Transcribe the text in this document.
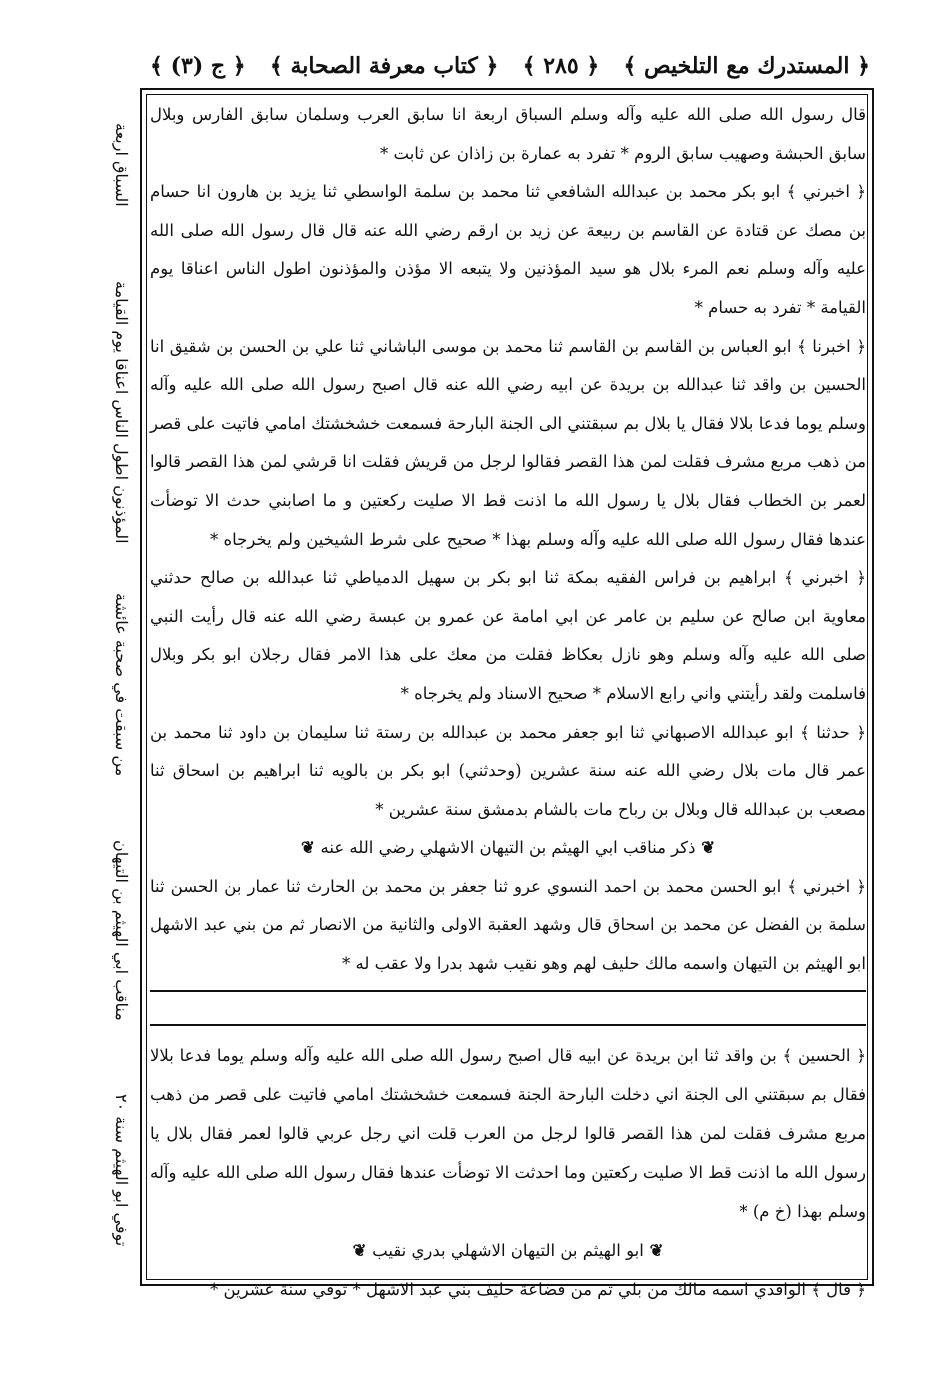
﴿ المستدرك مع التلخيص ﴾
﴿ ٢٨٥ ﴾
﴿ كتاب معرفة الصحابة ﴾
﴿ ج (٣) ﴾

قال رسول الله صلى الله عليه وآله وسلم السباق اربعة انا سابق العرب وسلمان سابق الفارس وبلال سابق الحبشة وصهيب سابق الروم * تفرد به عمارة بن زاذان عن ثابت *

﴿ اخبرني ﴾ ابو بكر محمد بن عبدالله الشافعي ثنا محمد بن سلمة الواسطي ثنا يزيد بن هارون انا حسام بن مصك عن قتادة عن القاسم بن ربيعة عن زيد بن ارقم رضي الله عنه قال قال رسول الله صلى الله عليه وآله وسلم نعم المرء بلال هو سيد المؤذنين ولا يتبعه الا مؤذن والمؤذنون اطول الناس اعناقا يوم القيامة * تفرد به حسام *

﴿ اخبرنا ﴾ ابو العباس بن القاسم بن القاسم ثنا محمد بن موسى الباشاني ثنا علي بن الحسن بن شقيق انا الحسين بن واقد ثنا عبدالله بن بريدة عن ابيه رضي الله عنه قال اصبح رسول الله صلى الله عليه وآله وسلم يوما فدعا بلالا فقال يا بلال بم سبقتني الى الجنة البارحة فسمعت خشخشتك امامي فاتيت على قصر من ذهب مربع مشرف فقلت لمن هذا القصر فقالوا لرجل من قريش فقلت انا قرشي لمن هذا القصر قالوا لعمر بن الخطاب فقال بلال يا رسول الله ما اذنت قط الا صليت ركعتين و ما اصابني حدث الا توضأت عندها فقال رسول الله صلى الله عليه وآله وسلم بهذا * صحيح على شرط الشيخين ولم يخرجاه *

﴿ اخبرني ﴾ ابراهيم بن فراس الفقيه بمكة ثنا ابو بكر بن سهيل الدمياطي ثنا عبدالله بن صالح حدثني معاوية ابن صالح عن سليم بن عامر عن ابي امامة عن عمرو بن عبسة رضي الله عنه قال رأيت النبي صلى الله عليه وآله وسلم وهو نازل بعكاظ فقلت من معك على هذا الامر فقال رجلان ابو بكر وبلال فاسلمت ولقد رأيتني واني رابع الاسلام * صحيح الاسناد ولم يخرجاه *

﴿ حدثنا ﴾ ابو عبدالله الاصبهاني ثنا ابو جعفر محمد بن عبدالله بن رستة ثنا سليمان بن داود ثنا محمد بن عمر قال مات بلال رضي الله عنه سنة عشرين (وحدثني) ابو بكر بن بالويه ثنا ابراهيم بن اسحاق ثنا مصعب بن عبدالله قال وبلال بن رباح مات بالشام بدمشق سنة عشرين *

❦ ذكر مناقب ابي الهيثم بن التيهان الاشهلي رضي الله عنه ❦

﴿ اخبرني ﴾ ابو الحسن محمد بن احمد النسوي عرو ثنا جعفر بن محمد بن الحارث ثنا عمار بن الحسن ثنا سلمة بن الفضل عن محمد بن اسحاق قال وشهد العقبة الاولى والثانية من الانصار ثم من بني عبد الاشهل ابو الهيثم بن التيهان واسمه مالك حليف لهم وهو نقيب شهد بدرا ولا عقب له *

﴿ الحسين ﴾ بن واقد ثنا ابن بريدة عن ابيه قال اصبح رسول الله صلى الله عليه وآله وسلم يوما فدعا بلالا فقال بم سبقتني الى الجنة اني دخلت البارحة الجنة فسمعت خشخشتك امامي فاتيت على قصر من ذهب مربع مشرف فقلت لمن هذا القصر قالوا لرجل من العرب قلت اني رجل عربي قالوا لعمر فقال بلال يا رسول الله ما اذنت قط الا صليت ركعتين وما احدثت الا توضأت عندها فقال رسول الله صلى الله عليه وآله وسلم بهذا (خ م) *

❦ ابو الهيثم بن التيهان الاشهلي بدري نقيب ❦

﴿ قال ﴾ الواقدي اسمه مالك من بلي ثم من قضاعة حليف بني عبد الاشهل * توفي سنة عشرين *

السباق اربعة
المؤذنون اطول الناس اعناقا يوم القيامة
من سبقت في صحبة عائشة
مناقب ابي الهيثم بن التيهان
توفي ابو الهيثم سنة ٢٠
